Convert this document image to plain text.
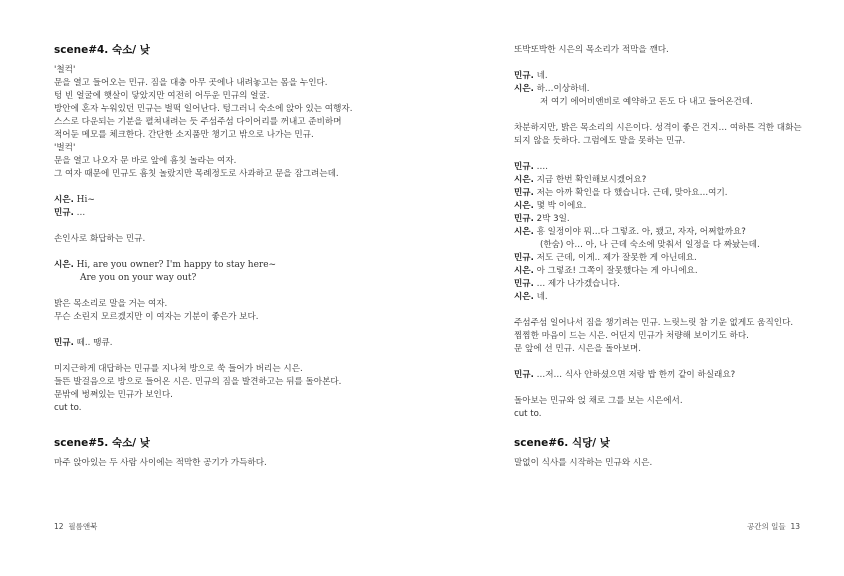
scene#4. 숙소/ 낮
'철컥'
문을 열고 들어오는 민규. 짐을 대충 아무 곳에나 내려놓고는 몸을 누인다.
텅 빈 얼굴에 햇살이 닿았지만 여전히 어두운 민규의 얼굴.
방안에 혼자 누워있던 민규는 벌떡 일어난다. 텅그러니 숙소에 앉아 있는 여행자.
스스로 다운되는 기분을 펼쳐내려는 듯 주섬주섬 다이어리를 꺼내고 준비하며
적어둔 메모를 체크한다. 간단한 소지품만 챙기고 밖으로 나가는 민규.
'벌컥'
문을 열고 나오자 문 바로 앞에 흠칫 놀라는 여자.
그 여자 때문에 민규도 흠칫 놀랐지만 목례정도로 사과하고 문을 잠그려는데.
시은. Hi~
민규. …
손인사로 화답하는 민규.
시은. Hi, are you owner? I'm happy to stay here~
Are you on your way out?
밝은 목소리로 말을 거는 여자.
무슨 소린지 모르겠지만 이 여자는 기분이 좋은가 보다.
민규. 떼.. 땡큐.
미지근하게 대답하는 민규를 지나쳐 방으로 쑥 들어가 버리는 시은.
들뜬 발걸음으로 방으로 들어온 시은. 민규의 짐을 발견하고는 뒤를 돌아본다.
문밖에 벙쪄있는 민규가 보인다.
cut to.
scene#5. 숙소/ 낮
마주 앉아있는 두 사람 사이에는 적막한 공기가 가득하다.
12 필름앤북
또박또박한 시은의 목소리가 적막을 깬다.
민규. 네.
시은. 하…이상하네.
저 여기 에어비앤비로 예약하고 돈도 다 내고 들어온건데.
차분하지만, 밝은 목소리의 시은이다. 성격이 좋은 건지… 여하튼 걱한 대화는
되지 않을 듯하다. 그럼에도 말을 못하는 민규.
민규. ….
시은. 지금 한번 확인해보시겠어요?
민규. 저는 아까 확인을 다 했습니다. 근데, 맞아요…여기.
시은. 몇 박 이에요.
민규. 2박 3일.
시은. 흥 일정이야 뭐…다 그렇죠. 아, 됐고, 자자, 어쩌할까요?
(한숨) 아… 아, 나 근데 숙소에 맞춰서 일정을 다 짜놨는데.
민규. 저도 근데, 이게.. 제가 잘못한 게 아닌데요.
시은. 아 그렇죠! 그쪽이 잘못했다는 게 아니에요.
민규. … 제가 나가겠습니다.
시은. 네.
주섬주섬 일어나서 짐을 챙기려는 민규. 느릿느릿 참 기운 없게도 움직인다.
찜찜한 마음이 드는 시은. 어딘지 민규가 처량해 보이기도 하다.
문 앞에 선 민규. 시은을 돌아보며.
민규. …저… 식사 안하셨으면 저랑 밥 한끼 같이 하실래요?
돌아보는 민규와 얹 채로 그를 보는 시은에서.
cut to.
scene#6. 식당/ 낮
말없이 식사를 시작하는 민규와 시은.
공간의 일들 13
